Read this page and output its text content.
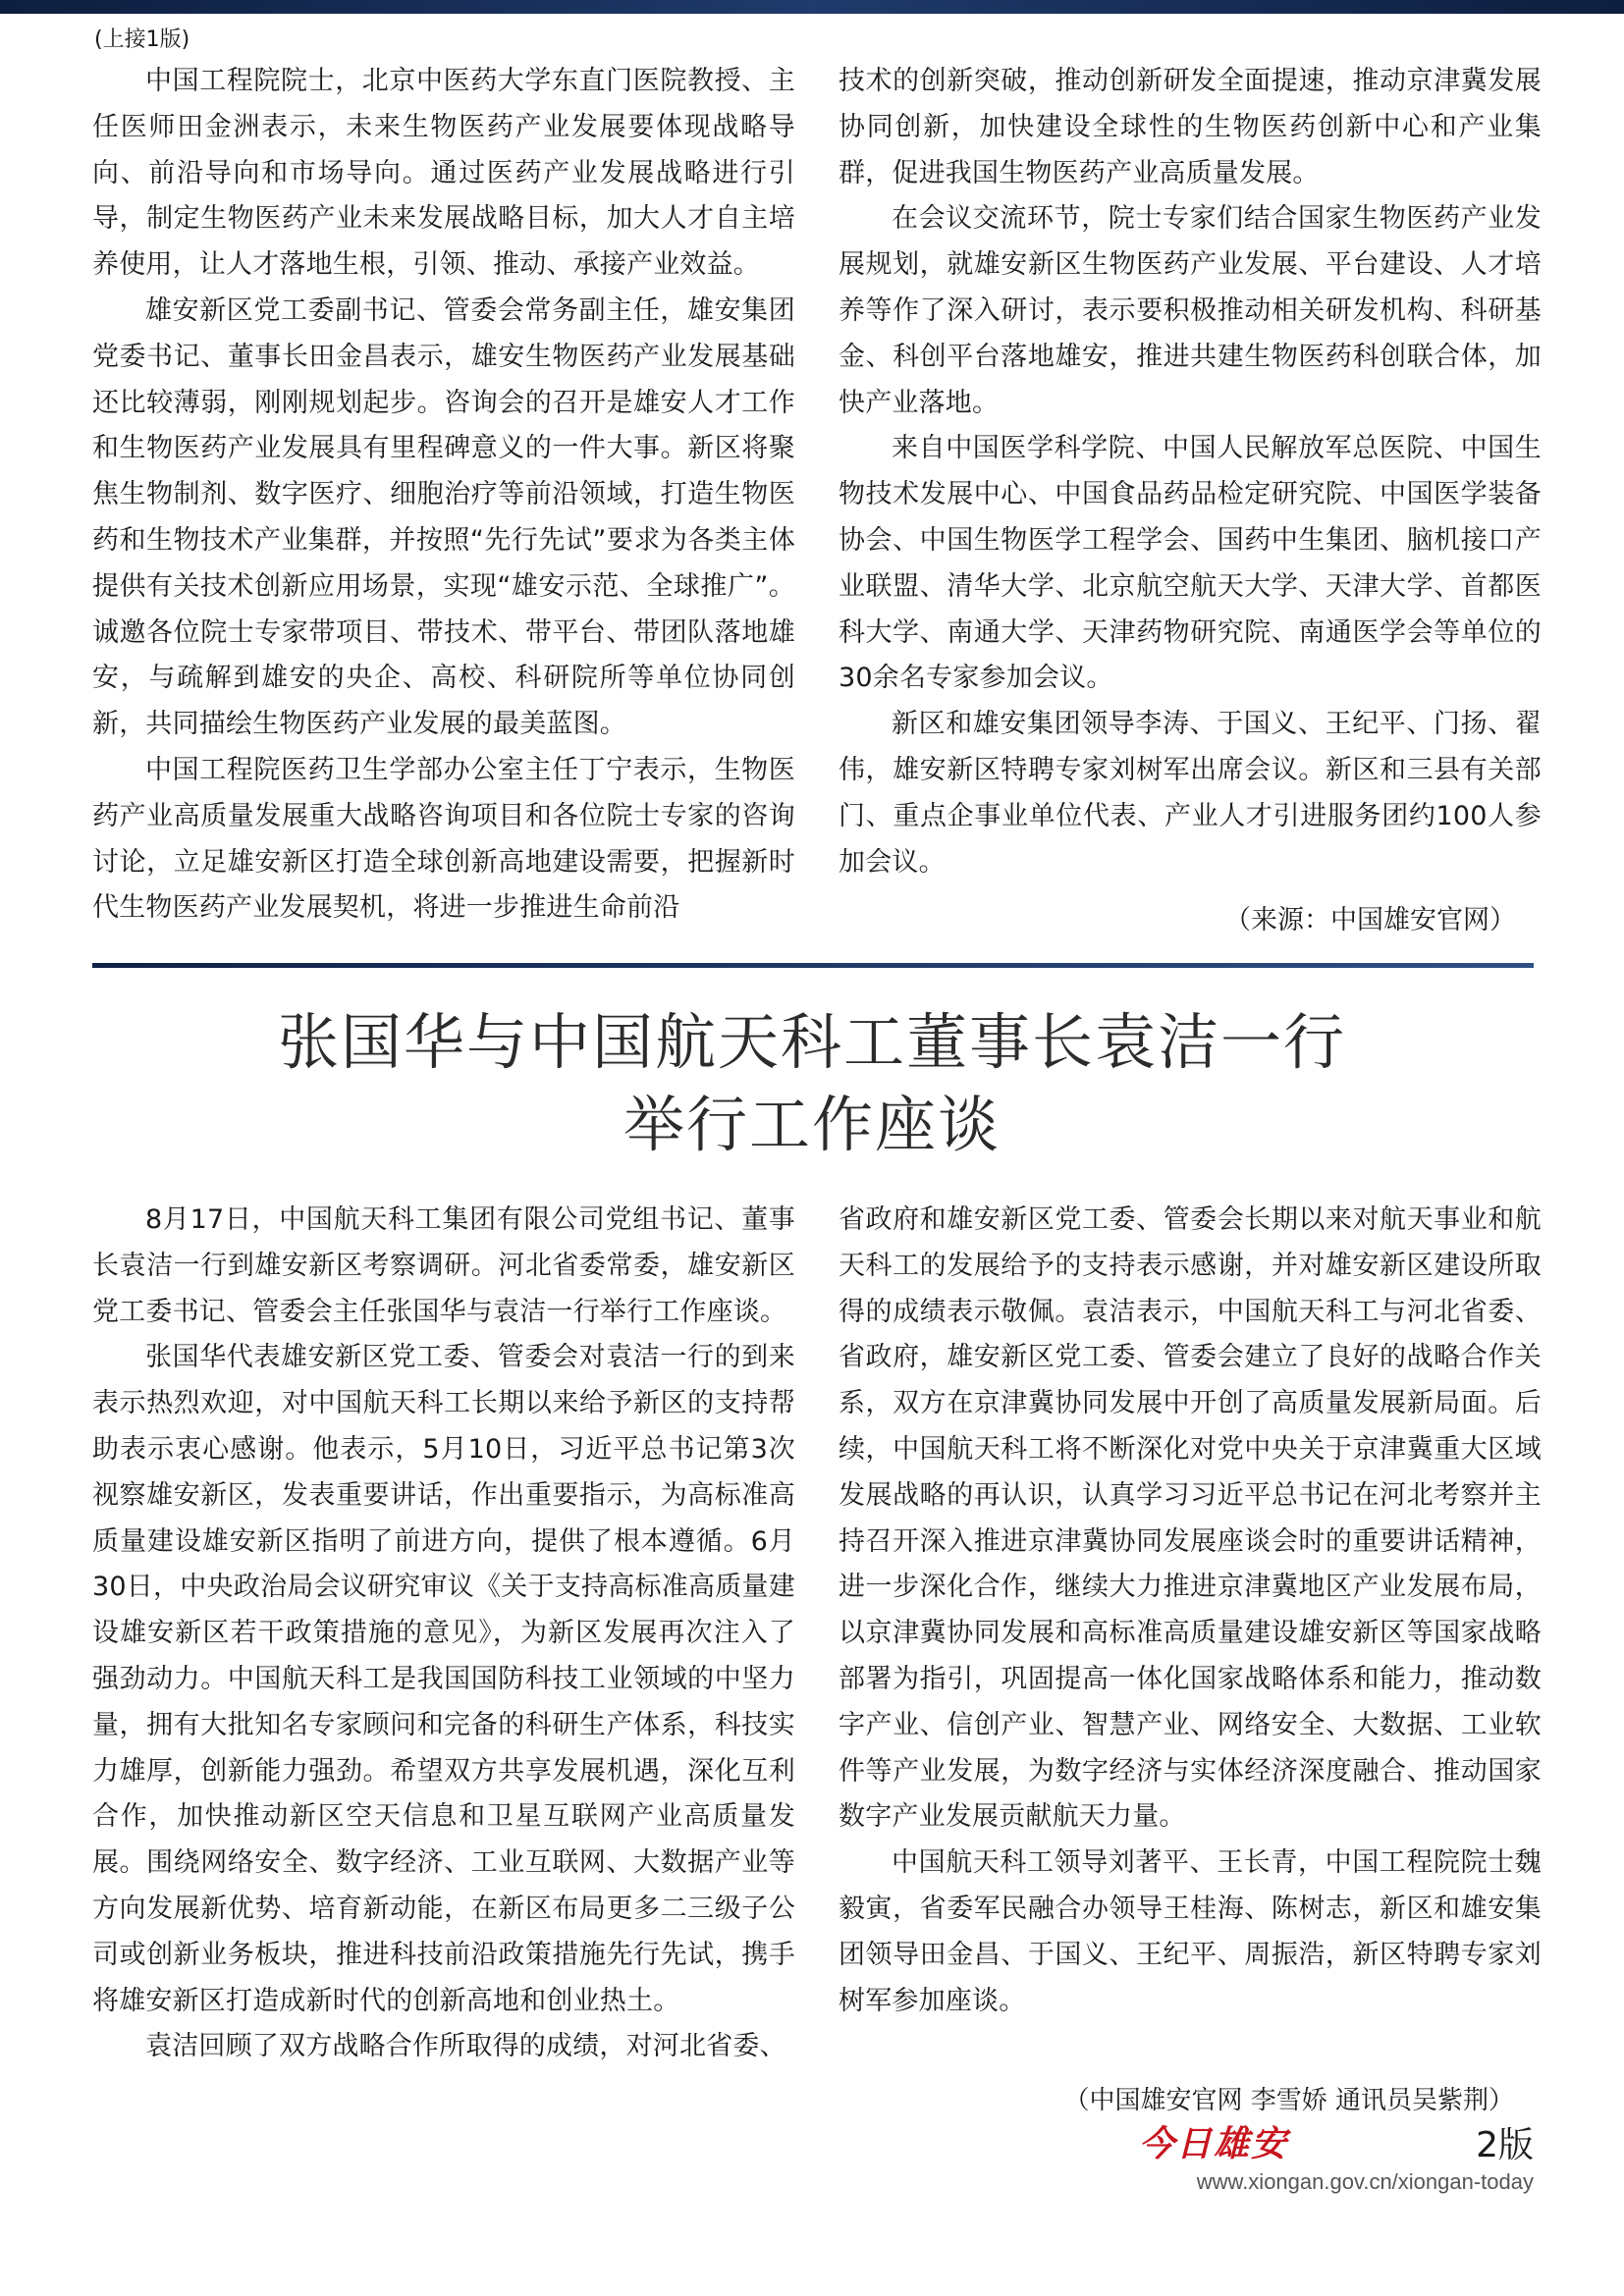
(上接1版)

中国工程院院士，北京中医药大学东直门医院教授、主任医师田金洲表示，未来生物医药产业发展要体现战略导向、前沿导向和市场导向。通过医药产业发展战略进行引导，制定生物医药产业未来发展战略目标，加大人才自主培养使用，让人才落地生根，引领、推动、承接产业效益。

雄安新区党工委副书记、管委会常务副主任，雄安集团党委书记、董事长田金昌表示，雄安生物医药产业发展基础还比较薄弱，刚刚规划起步。咨询会的召开是雄安人才工作和生物医药产业发展具有里程碑意义的一件大事。新区将聚焦生物制剂、数字医疗、细胞治疗等前沿领域，打造生物医药和生物技术产业集群，并按照“先行先试”要求为各类主体提供有关技术创新应用场景，实现“雄安示范、全球推广”。诚邀各位院士专家带项目、带技术、带平台、带团队落地雄安，与疏解到雄安的央企、高校、科研院所等单位协同创新，共同描绘生物医药产业发展的最美蓝图。

中国工程院医药卫生学部办公室主任丁宁表示，生物医药产业高质量发展重大战略咨询项目和各位院士专家的咨询讨论，立足雄安新区打造全球创新高地建设需要，把握新时代生物医药产业发展契机，将进一步推进生命前沿

技术的创新突破，推动创新研发全面提速，推动京津冀发展协同创新，加快建设全球性的生物医药创新中心和产业集群，促进我国生物医药产业高质量发展。

在会议交流环节，院士专家们结合国家生物医药产业发展规划，就雄安新区生物医药产业发展、平台建设、人才培养等作了深入研讨，表示要积极推动相关研发机构、科研基金、科创平台落地雄安，推进共建生物医药科创联合体，加快产业落地。

来自中国医学科学院、中国人民解放军总医院、中国生物技术发展中心、中国食品药品检定研究院、中国医学装备协会、中国生物医学工程学会、国药中生集团、脑机接口产业联盟、清华大学、北京航空航天大学、天津大学、首都医科大学、南通大学、天津药物研究院、南通医学会等单位的30余名专家参加会议。

新区和雄安集团领导李涛、于国义、王纪平、门扬、翟伟，雄安新区特聘专家刘树军出席会议。新区和三县有关部门、重点企事业单位代表、产业人才引进服务团约100人参加会议。

（来源：中国雄安官网）
张国华与中国航天科工董事长袁洁一行
举行工作座谈

8月17日，中国航天科工集团有限公司党组书记、董事长袁洁一行到雄安新区考察调研。河北省委常委，雄安新区党工委书记、管委会主任张国华与袁洁一行举行工作座谈。

张国华代表雄安新区党工委、管委会对袁洁一行的到来表示热烈欢迎，对中国航天科工长期以来给予新区的支持帮助表示衷心感谢。他表示，5月10日，习近平总书记第3次视察雄安新区，发表重要讲话，作出重要指示，为高标准高质量建设雄安新区指明了前进方向，提供了根本遵循。6月30日，中央政治局会议研究审议《关于支持高标准高质量建设雄安新区若干政策措施的意见》，为新区发展再次注入了强劲动力。中国航天科工是我国国防科技工业领域的中坚力量，拥有大批知名专家顾问和完备的科研生产体系，科技实力雄厚，创新能力强劲。希望双方共享发展机遇，深化互利合作，加快推动新区空天信息和卫星互联网产业高质量发展。围绕网络安全、数字经济、工业互联网、大数据产业等方向发展新优势、培育新动能，在新区布局更多二三级子公司或创新业务板块，推进科技前沿政策措施先行先试，携手将雄安新区打造成新时代的创新高地和创业热土。

袁洁回顾了双方战略合作所取得的成绩，对河北省委、

省政府和雄安新区党工委、管委会长期以来对航天事业和航天科工的发展给予的支持表示感谢，并对雄安新区建设所取得的成绩表示敬佩。袁洁表示，中国航天科工与河北省委、省政府，雄安新区党工委、管委会建立了良好的战略合作关系，双方在京津冀协同发展中开创了高质量发展新局面。后续，中国航天科工将不断深化对党中央关于京津冀重大区域发展战略的再认识，认真学习习近平总书记在河北考察并主持召开深入推进京津冀协同发展座谈会时的重要讲话精神，进一步深化合作，继续大力推进京津冀地区产业发展布局，以京津冀协同发展和高标准高质量建设雄安新区等国家战略部署为指引，巩固提高一体化国家战略体系和能力，推动数字产业、信创产业、智慧产业、网络安全、大数据、工业软件等产业发展，为数字经济与实体经济深度融合、推动国家数字产业发展贡献航天力量。

中国航天科工领导刘著平、王长青，中国工程院院士魏毅寅，省委军民融合办领导王桂海、陈树志，新区和雄安集团领导田金昌、于国义、王纪平、周振浩，新区特聘专家刘树军参加座谈。

（中国雄安官网 李雪娇 通讯员吴紫荆）
今日雄安	2版
www.xiongan.gov.cn/xiongan-today
